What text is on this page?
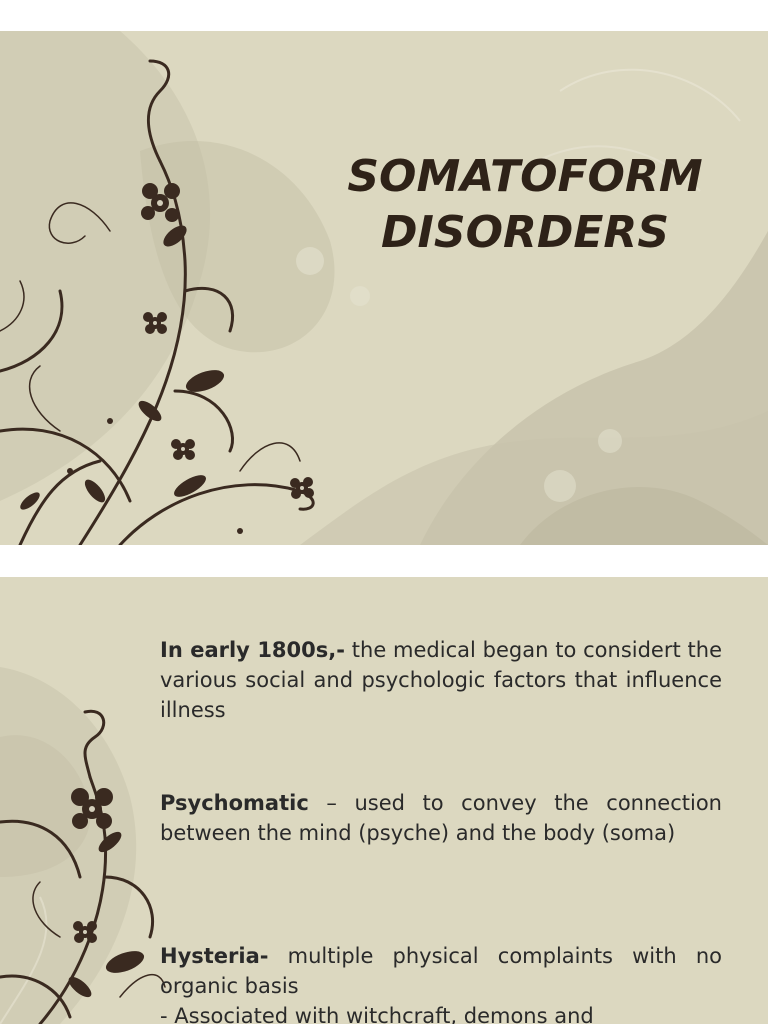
SOMATOFORM
DISORDERS

In early 1800s,- the medical began to considert the various social and psychologic factors that influence illness

Psychomatic – used to convey the connection between the mind (psyche) and the body (soma)

Hysteria- multiple physical complaints with no organic basis
- Associated with witchcraft, demons and
